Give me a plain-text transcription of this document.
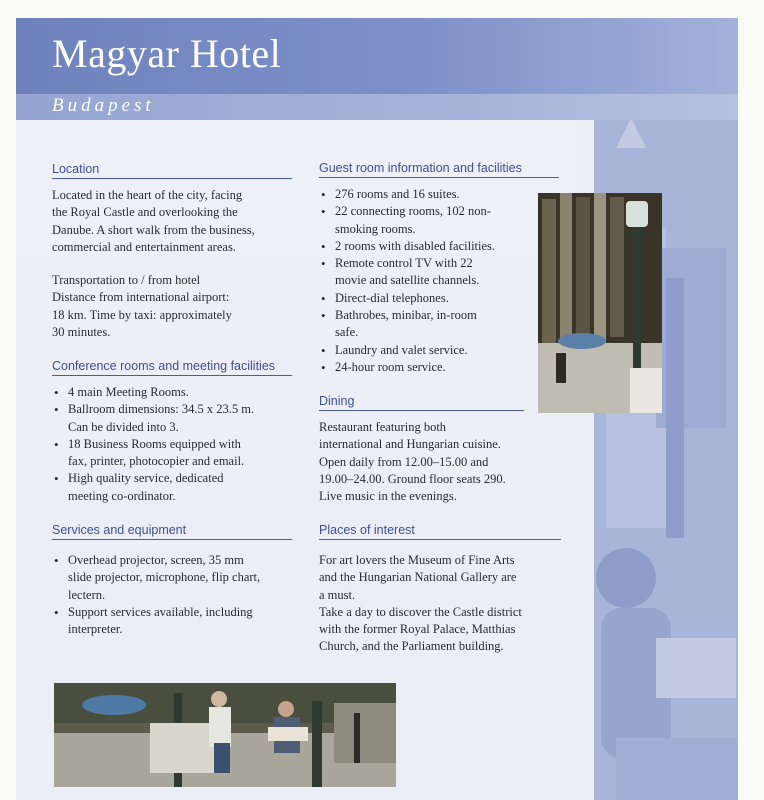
Magyar Hotel
Budapest
Location
Located in the heart of the city, facing
the Royal Castle and overlooking the
Danube. A short walk from the business,
commercial and entertainment areas.
Transportation to / from hotel
Distance from international airport:
18 km. Time by taxi: approximately
30 minutes.
Conference rooms and meeting facilities
• 4 main Meeting Rooms.
• Ballroom dimensions: 34.5 x 23.5 m.
Can be divided into 3.
• 18 Business Rooms equipped with
fax, printer, photocopier and email.
• High quality service, dedicated
meeting co-ordinator.
Services and equipment
• Overhead projector, screen, 35 mm
slide projector, microphone, flip chart,
lectern.
• Support services available, including
interpreter.
Guest room information and facilities
• 276 rooms and 16 suites.
• 22 connecting rooms, 102 non-
smoking rooms.
• 2 rooms with disabled facilities.
• Remote control TV with 22
movie and satellite channels.
• Direct-dial telephones.
• Bathrobes, minibar, in-room
safe.
• Laundry and valet service.
• 24-hour room service.
Dining
Restaurant featuring both
international and Hungarian cuisine.
Open daily from 12.00–15.00 and
19.00–24.00. Ground floor seats 290.
Live music in the evenings.
Places of interest
For art lovers the Museum of Fine Arts
and the Hungarian National Gallery are
a must.
Take a day to discover the Castle district
with the former Royal Palace, Matthias
Church, and the Parliament building.
